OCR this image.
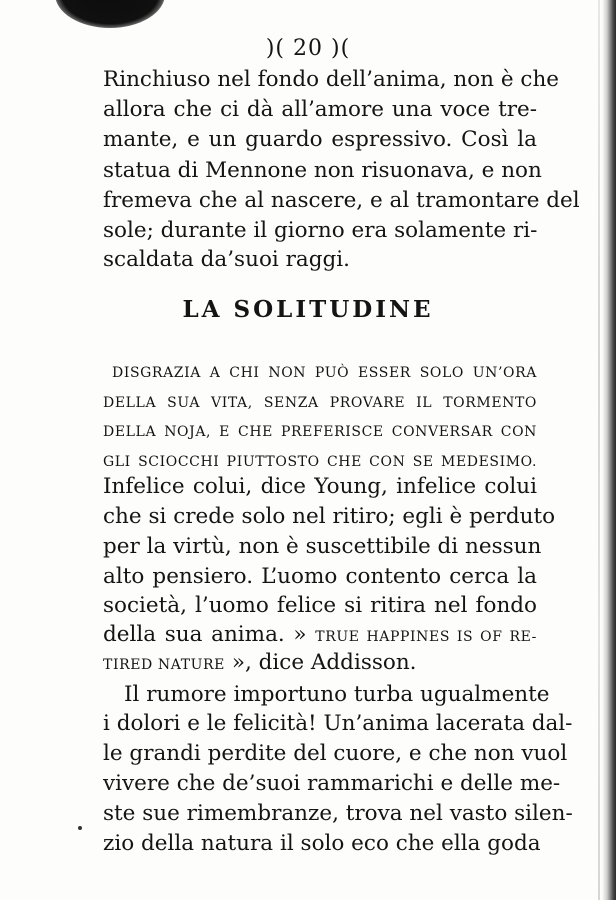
)( 20 )(
Rinchiuso nel fondo dell’anima, non è che
allora che ci dà all’amore una voce tre-
mante, e un guardo espressivo. Così la
statua di Mennone non risuonava, e non
fremeva che al nascere, e al tramontare del
sole; durante il giorno era solamente ri-
scaldata da’suoi raggi.
LA SOLITUDINE
DISGRAZIA A CHI NON PUÒ ESSER SOLO UN’ORA
DELLA SUA VITA, SENZA PROVARE IL TORMENTO
DELLA NOJA, E CHE PREFERISCE CONVERSAR CON
GLI SCIOCCHI PIUTTOSTO CHE CON SE MEDESIMO.
Infelice colui, dice Young, infelice colui
che si crede solo nel ritiro; egli è perduto
per la virtù, non è suscettibile di nessun
alto pensiero. L’uomo contento cerca la
società, l’uomo felice si ritira nel fondo
della sua anima. » TRUE HAPPINES IS OF RE-
TIRED NATURE », dice Addisson.
Il rumore importuno turba ugualmente
i dolori e le felicità! Un’anima lacerata dal-
le grandi perdite del cuore, e che non vuol
vivere che de’suoi rammarichi e delle me-
ste sue rimembranze, trova nel vasto silen-
zio della natura il solo eco che ella goda
